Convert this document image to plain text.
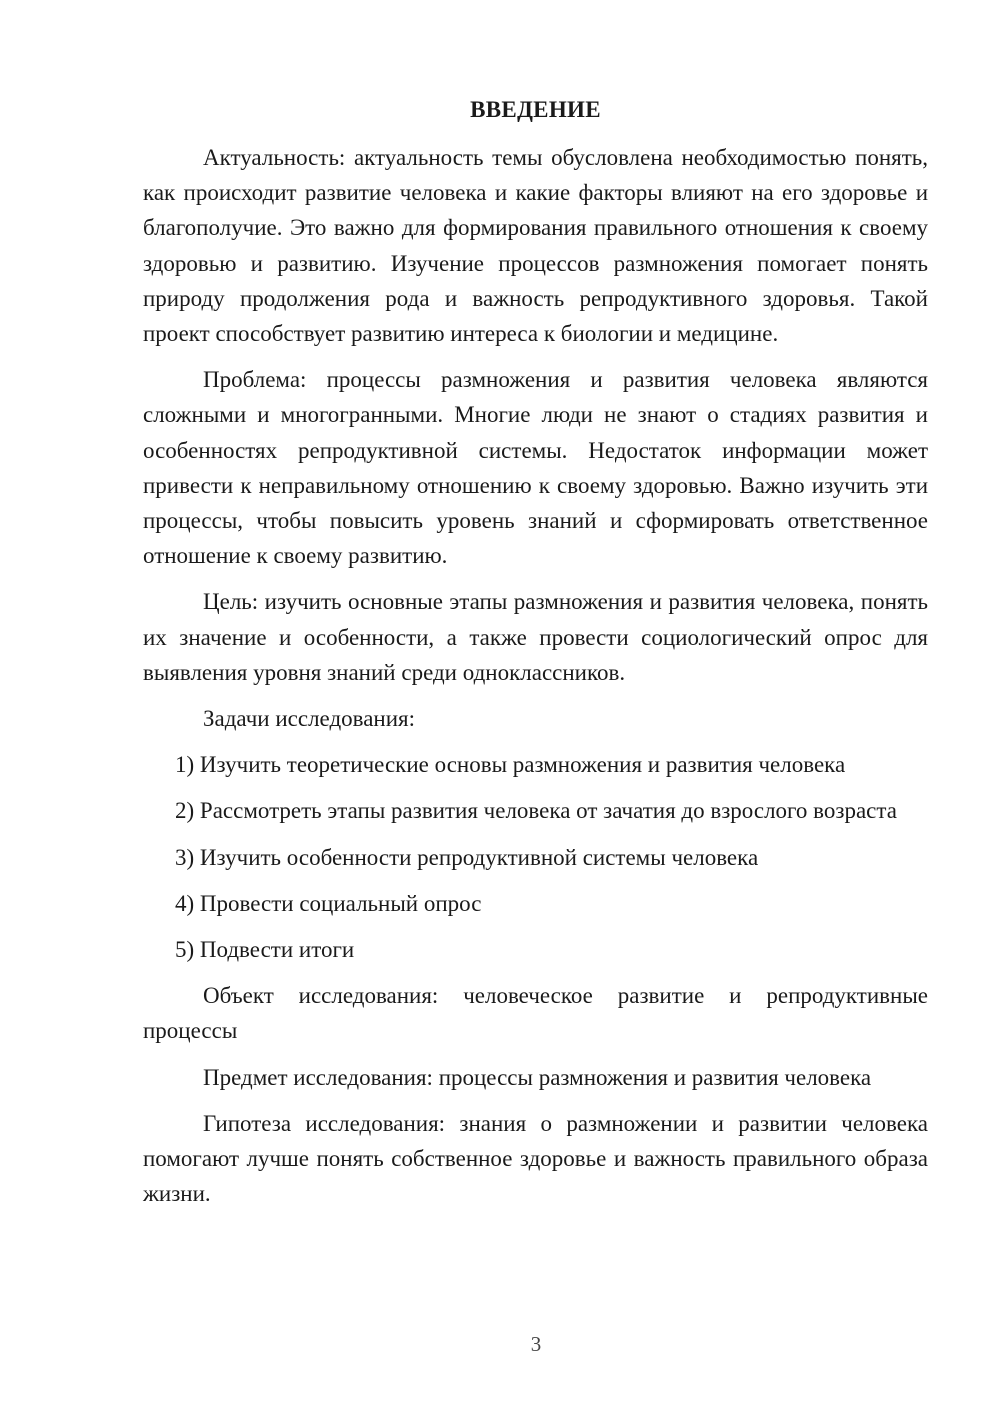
ВВЕДЕНИЕ

Актуальность: актуальность темы обусловлена необходимостью понять, как происходит развитие человека и какие факторы влияют на его здоровье и благополучие. Это важно для формирования правильного отношения к своему здоровью и развитию. Изучение процессов размножения помогает понять природу продолжения рода и важность репродуктивного здоровья. Такой проект способствует развитию интереса к биологии и медицине.

Проблема: процессы размножения и развития человека являются сложными и многогранными. Многие люди не знают о стадиях развития и особенностях репродуктивной системы. Недостаток информации может привести к неправильному отношению к своему здоровью. Важно изучить эти процессы, чтобы повысить уровень знаний и сформировать ответственное отношение к своему развитию.

Цель: изучить основные этапы размножения и развития человека, понять их значение и особенности, а также провести социологический опрос для выявления уровня знаний среди одноклассников.

Задачи исследования:

1) Изучить теоретические основы размножения и развития человека

2) Рассмотреть этапы развития человека от зачатия до взрослого возраста

3) Изучить особенности репродуктивной системы человека

4) Провести социальный опрос

5) Подвести итоги

Объект исследования: человеческое развитие и репродуктивные процессы

Предмет исследования: процессы размножения и развития человека

Гипотеза исследования: знания о размножении и развитии человека помогают лучше понять собственное здоровье и важность правильного образа жизни.

3
